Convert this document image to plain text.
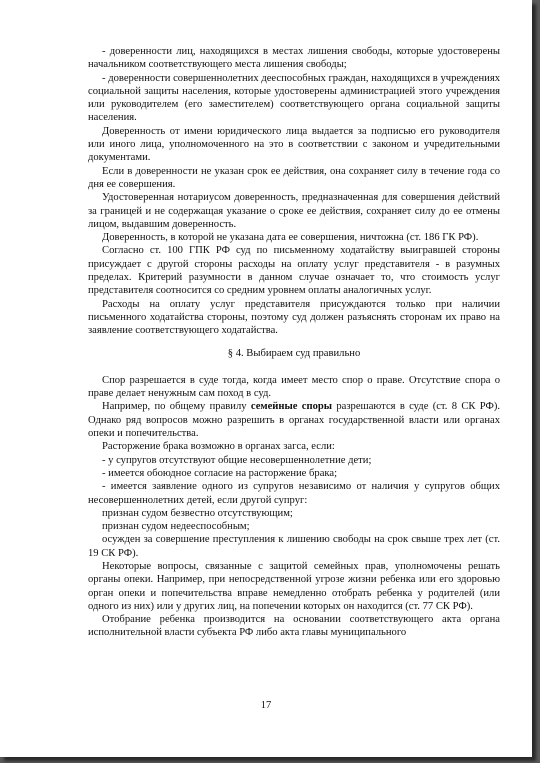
- доверенности лиц, находящихся в местах лишения свободы, которые удостоверены начальником соответствующего места лишения свободы;

- доверенности совершеннолетних дееспособных граждан, находящихся в учреждениях социальной защиты населения, которые удостоверены администрацией этого учреждения или руководителем (его заместителем) соответствующего органа социальной защиты населения.

Доверенность от имени юридического лица выдается за подписью его руководителя или иного лица, уполномоченного на это в соответствии с законом и учредительными документами.

Если в доверенности не указан срок ее действия, она сохраняет силу в течение года со дня ее совершения.

Удостоверенная нотариусом доверенность, предназначенная для совершения действий за границей и не содержащая указание о сроке ее действия, сохраняет силу до ее отмены лицом, выдавшим доверенность.

Доверенность, в которой не указана дата ее совершения, ничтожна (ст. 186 ГК РФ).

Согласно ст. 100 ГПК РФ суд по письменному ходатайству выигравшей стороны присуждает с другой стороны расходы на оплату услуг представителя - в разумных пределах. Критерий разумности в данном случае означает то, что стоимость услуг представителя соотносится со средним уровнем оплаты аналогичных услуг.

Расходы на оплату услуг представителя присуждаются только при наличии письменного ходатайства стороны, поэтому суд должен разъяснять сторонам их право на заявление соответствующего ходатайства.

§ 4. Выбираем суд правильно

Спор разрешается в суде тогда, когда имеет место спор о праве. Отсутствие спора о праве делает ненужным сам поход в суд.

Например, по общему правилу семейные споры разрешаются в суде (ст. 8 СК РФ). Однако ряд вопросов можно разрешить в органах государственной власти или органах опеки и попечительства.

Расторжение брака возможно в органах загса, если:

- у супругов отсутствуют общие несовершеннолетние дети;

- имеется обоюдное согласие на расторжение брака;

- имеется заявление одного из супругов независимо от наличия у супругов общих несовершеннолетних детей, если другой супруг:

признан судом безвестно отсутствующим;

признан судом недееспособным;

осужден за совершение преступления к лишению свободы на срок свыше трех лет (ст. 19 СК РФ).

Некоторые вопросы, связанные с защитой семейных прав, уполномочены решать органы опеки. Например, при непосредственной угрозе жизни ребенка или его здоровью орган опеки и попечительства вправе немедленно отобрать ребенка у родителей (или одного из них) или у других лиц, на попечении которых он находится (ст. 77 СК РФ).

Отобрание ребенка производится на основании соответствующего акта органа исполнительной власти субъекта РФ либо акта главы муниципального

17
